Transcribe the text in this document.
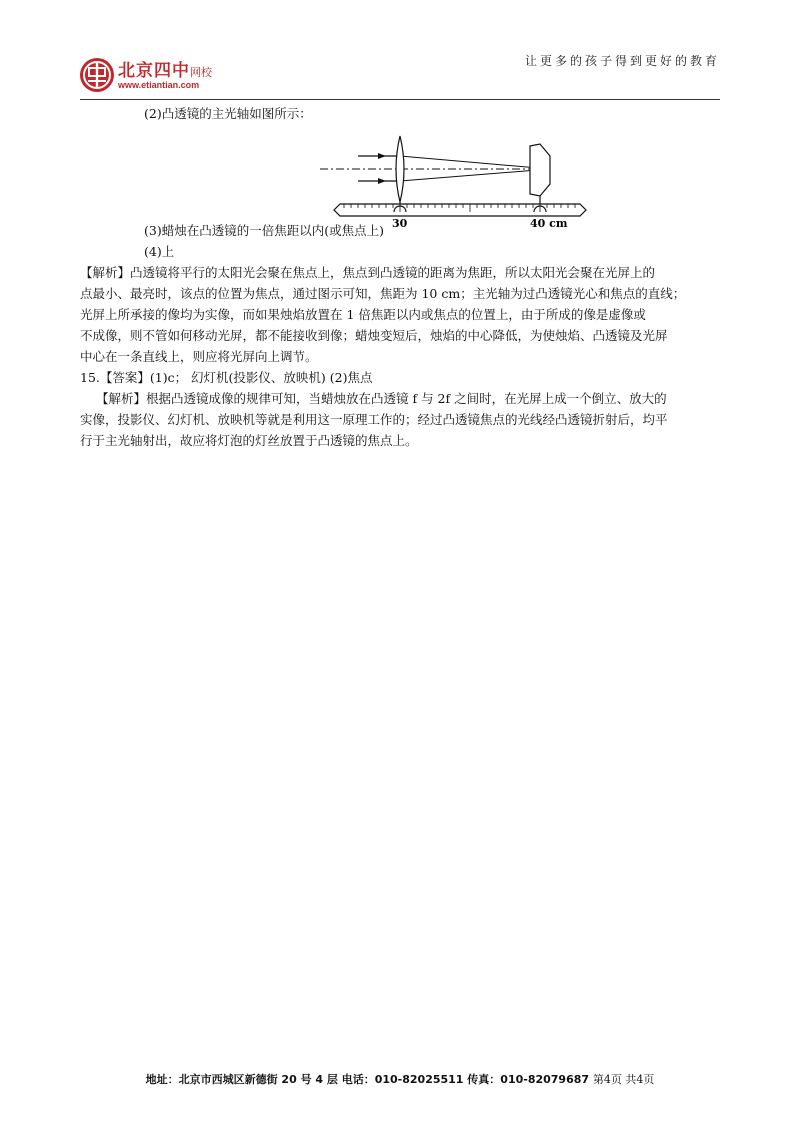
北京四中网校
www.etiantian.com
让更多的孩子得到更好的教育
(2)凸透镜的主光轴如图所示：
30	40 cm
(3)蜡烛在凸透镜的一倍焦距以内(或焦点上)
(4)上
【解析】凸透镜将平行的太阳光会聚在焦点上，焦点到凸透镜的距离为焦距，所以太阳光会聚在光屏上的
点最小、最亮时，该点的位置为焦点，通过图示可知，焦距为 10 cm；主光轴为过凸透镜光心和焦点的直线；
光屏上所承接的像均为实像，而如果烛焰放置在 1 倍焦距以内或焦点的位置上，由于所成的像是虚像或
不成像，则不管如何移动光屏，都不能接收到像；蜡烛变短后，烛焰的中心降低，为使烛焰、凸透镜及光屏
中心在一条直线上，则应将光屏向上调节。
15.【答案】(1)c； 幻灯机(投影仪、放映机) (2)焦点
【解析】根据凸透镜成像的规律可知，当蜡烛放在凸透镜 f 与 2f 之间时，在光屏上成一个倒立、放大的
实像，投影仪、幻灯机、放映机等就是利用这一原理工作的；经过凸透镜焦点的光线经凸透镜折射后，均平
行于主光轴射出，故应将灯泡的灯丝放置于凸透镜的焦点上。
地址：北京市西城区新德街 20 号 4 层 电话：010-82025511 传真：010-82079687 第4页 共4页
